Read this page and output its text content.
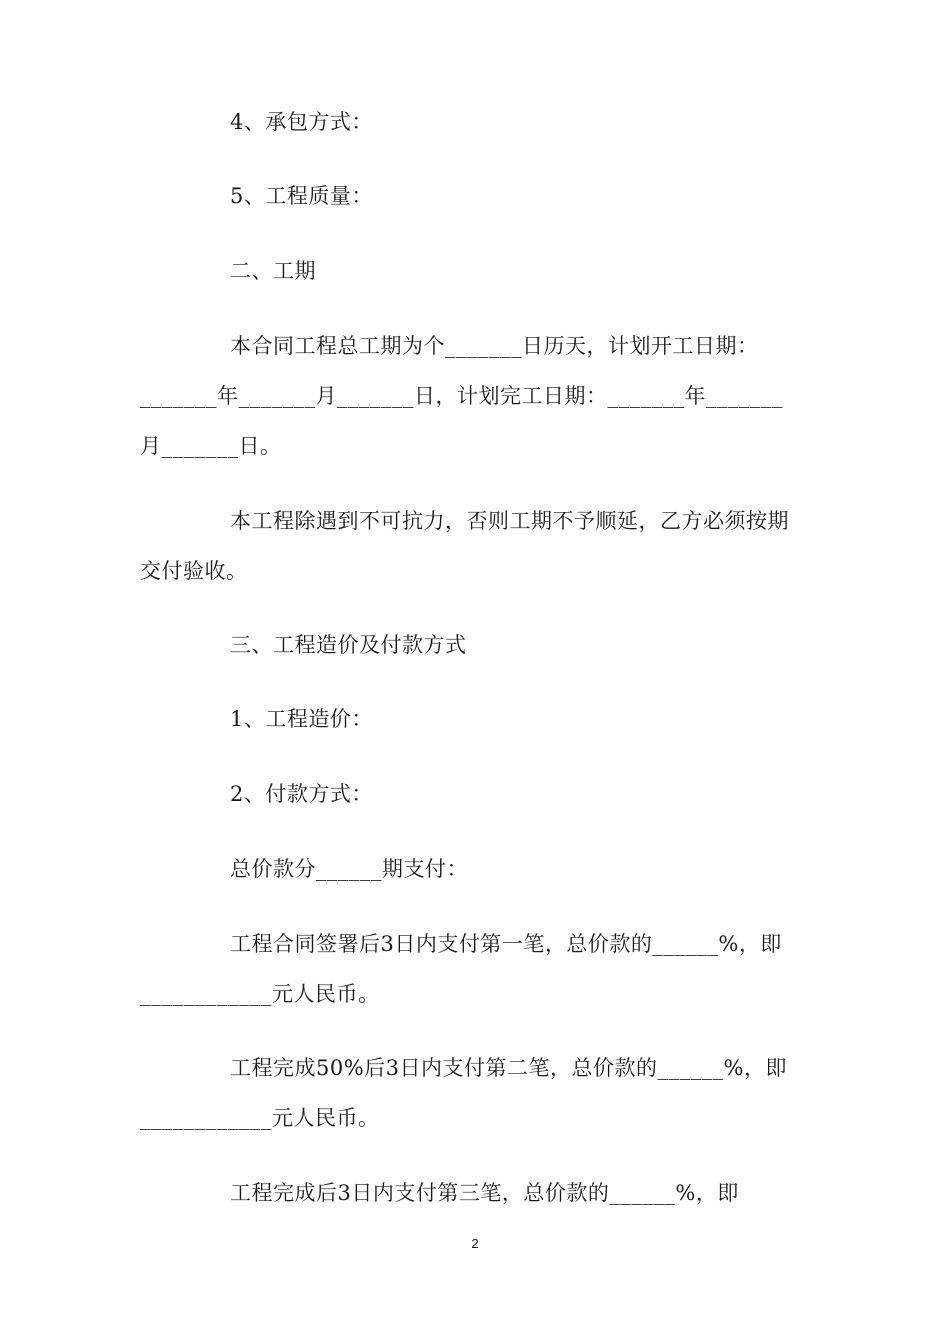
4、承包方式：
5、工程质量：
二、工期
本合同工程总工期为个_______日历天，计划开工日期：
_______年_______月_______日，计划完工日期：_______年_______
月_______日。
本工程除遇到不可抗力，否则工期不予顺延，乙方必须按期
交付验收。
三、工程造价及付款方式
1、工程造价：
2、付款方式：
总价款分______期支付：
工程合同签署后3日内支付第一笔，总价款的______%，即
____________元人民币。
工程完成50%后3日内支付第二笔，总价款的______%，即
____________元人民币。
工程完成后3日内支付第三笔，总价款的______%，即
2
